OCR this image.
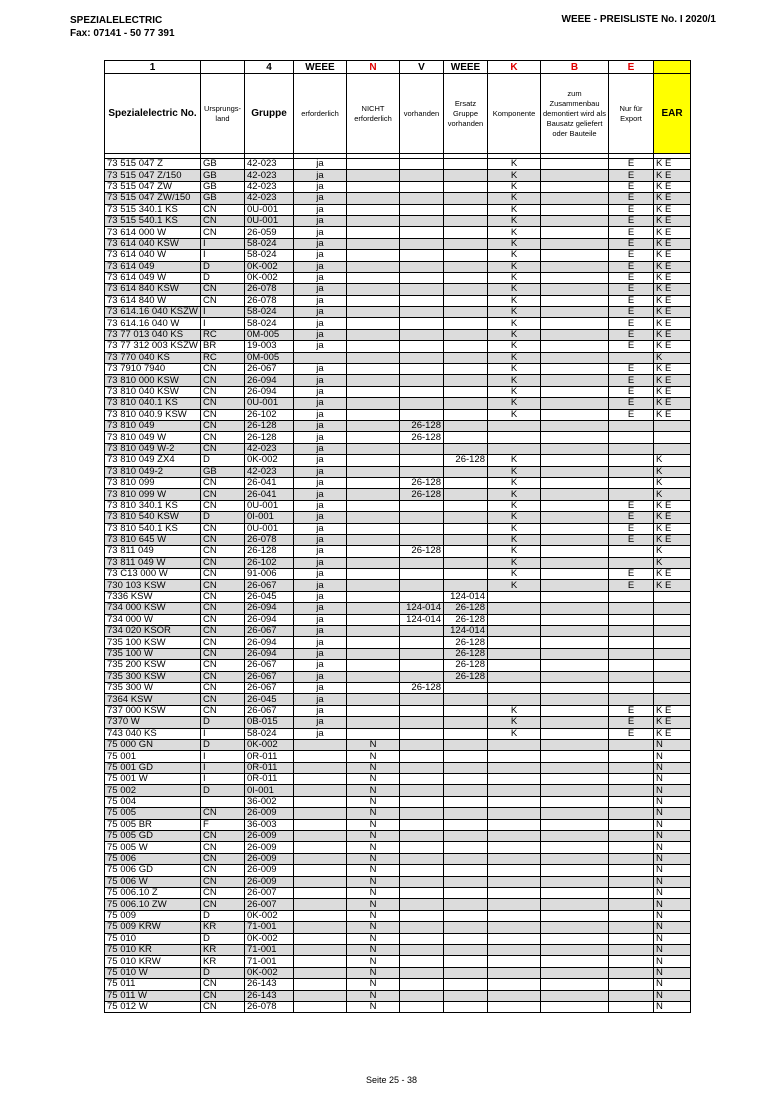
SPEZIALELECTRIC
Fax: 07141 - 50 77 391
WEEE - PREISLISTE No. I 2020/1
1		4	WEEE	N	V	WEEE	K	B	E	
Spezialelectric No.	Ursprungs-land	Gruppe	erforderlich	NICHT erforderlich	vorhanden	Ersatz Gruppe vorhanden	Komponente	zum Zusammenbau demontiert wird als Bausatz geliefert oder Bauteile	Nur für Export	EAR

73 515 047 Z	GB	42-023	ja				K		E	K E
73 515 047 Z/150	GB	42-023	ja				K		E	K E
73 515 047 ZW	GB	42-023	ja				K		E	K E
73 515 047 ZW/150	GB	42-023	ja				K		E	K E
73 515 340.1 KS	CN	0U-001	ja				K		E	K E
73 515 540.1 KS	CN	0U-001	ja				K		E	K E
73 614 000 W	CN	26-059	ja				K		E	K E
73 614 040 KSW	I	58-024	ja				K		E	K E
73 614 040 W	I	58-024	ja				K		E	K E
73 614 049	D	0K-002	ja				K		E	K E
73 614 049 W	D	0K-002	ja				K		E	K E
73 614 840 KSW	CN	26-078	ja				K		E	K E
73 614 840 W	CN	26-078	ja				K		E	K E
73 614.16 040 KSZW	I	58-024	ja				K		E	K E
73 614.16 040 W	I	58-024	ja				K		E	K E
73 77 013 040 KS	RC	0M-005	ja				K		E	K E
73 77 312 003 KSZW	BR	19-003	ja				K		E	K E
73 770 040 KS	RC	0M-005					K			K
73 7910 7940	CN	26-067	ja				K		E	K E
73 810 000 KSW	CN	26-094	ja				K		E	K E
73 810 040 KSW	CN	26-094	ja				K		E	K E
73 810 040.1 KS	CN	0U-001	ja				K		E	K E
73 810 040.9 KSW	CN	26-102	ja				K		E	K E
73 810 049	CN	26-128	ja		26-128					
73 810 049 W	CN	26-128	ja		26-128					
73 810 049 W-2	CN	42-023	ja							
73 810 049 ZX4	D	0K-002	ja			26-128	K			K
73 810 049-2	GB	42-023	ja				K			K
73 810 099	CN	26-041	ja		26-128		K			K
73 810 099 W	CN	26-041	ja		26-128		K			K
73 810 340.1 KS	CN	0U-001	ja				K		E	K E
73 810 540 KSW	D	0I-001	ja				K		E	K E
73 810 540.1 KS	CN	0U-001	ja				K		E	K E
73 810 645 W	CN	26-078	ja				K		E	K E
73 811 049	CN	26-128	ja		26-128		K			K
73 811 049 W	CN	26-102	ja				K			K
73 C13 000 W	CN	91-006	ja				K		E	K E
730 103 KSW	CN	26-067	ja				K		E	K E
7336 KSW	CN	26-045	ja			124-014				
734 000 KSW	CN	26-094	ja		124-014	26-128				
734 000 W	CN	26-094	ja		124-014	26-128				
734 020 KSOR	CN	26-067	ja			124-014				
735 100 KSW	CN	26-094	ja			26-128				
735 100 W	CN	26-094	ja			26-128				
735 200 KSW	CN	26-067	ja			26-128				
735 300 KSW	CN	26-067	ja			26-128				
735 300 W	CN	26-067	ja		26-128					
7364 KSW	CN	26-045	ja							
737 000 KSW	CN	26-067	ja				K		E	K E
7370 W	D	0B-015	ja				K		E	K E
743 040 KS	I	58-024	ja				K		E	K E
75 000 GN	D	0K-002		N						N
75 001	I	0R-011		N						N
75 001 GD	I	0R-011		N						N
75 001 W	I	0R-011		N						N
75 002	D	0I-001		N						N
75 004		36-002		N						N
75 005	CN	26-009		N						N
75 005 BR	F	36-003		N						N
75 005 GD	CN	26-009		N						N
75 005 W	CN	26-009		N						N
75 006	CN	26-009		N						N
75 006 GD	CN	26-009		N						N
75 006 W	CN	26-009		N						N
75 006.10 Z	CN	26-007		N						N
75 006.10 ZW	CN	26-007		N						N
75 009	D	0K-002		N						N
75 009 KRW	KR	71-001		N						N
75 010	D	0K-002		N						N
75 010 KR	KR	71-001		N						N
75 010 KRW	KR	71-001		N						N
75 010 W	D	0K-002		N						N
75 011	CN	26-143		N						N
75 011 W	CN	26-143		N						N
75 012 W	CN	26-078		N						N
Seite 25 - 38
